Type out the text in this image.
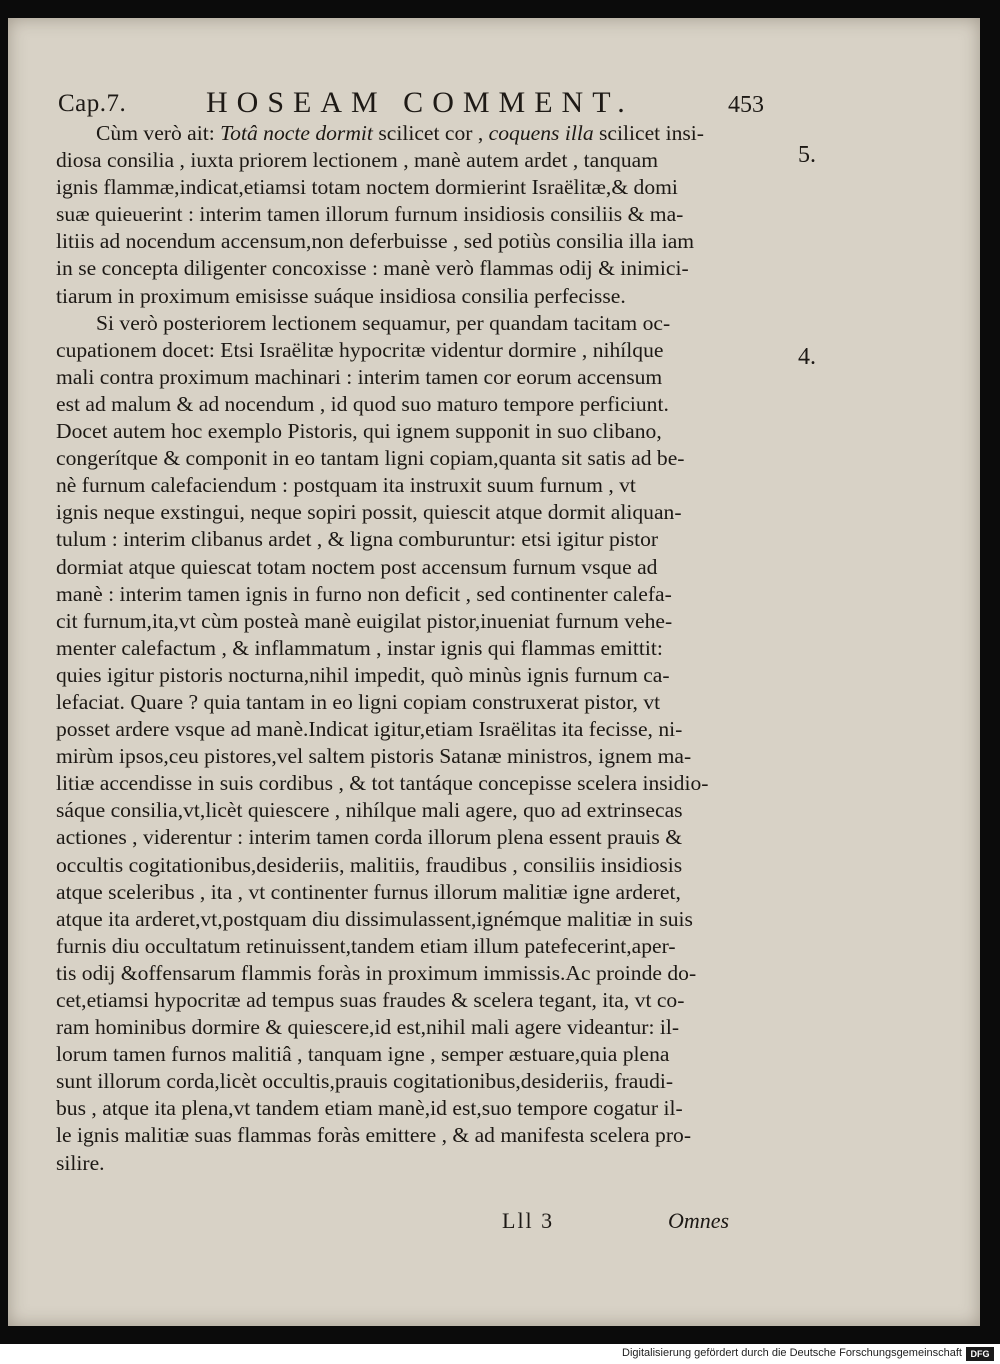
Cap.7.	HOSEAM COMMENT.	453
5.
4.
Cùm verò ait: Totâ nocte dormit scilicet cor , coquens illa scilicet insi-
diosa consilia , iuxta priorem lectionem , manè autem ardet , tanquam
ignis flammæ,indicat,etiamsi totam noctem dormierint Israëlitæ,& domi
suæ quieuerint : interim tamen illorum furnum insidiosis consiliis & ma-
litiis ad nocendum accensum,non deferbuisse , sed potiùs consilia illa iam
in se concepta diligenter concoxisse : manè verò flammas odij & inimici-
tiarum in proximum emisisse suáque insidiosa consilia perfecisse.
Si verò posteriorem lectionem sequamur, per quandam tacitam oc-
cupationem docet: Etsi Israëlitæ hypocritæ videntur dormire , nihílque
mali contra proximum machinari : interim tamen cor eorum accensum
est ad malum & ad nocendum , id quod suo maturo tempore perficiunt.
Docet autem hoc exemplo Pistoris, qui ignem supponit in suo clibano,
congerítque & componit in eo tantam ligni copiam,quanta sit satis ad be-
nè furnum calefaciendum : postquam ita instruxit suum furnum , vt
ignis neque exstingui, neque sopiri possit, quiescit atque dormit aliquan-
tulum : interim clibanus ardet , & ligna comburuntur: etsi igitur pistor
dormiat atque quiescat totam noctem post accensum furnum vsque ad
manè : interim tamen ignis in furno non deficit , sed continenter calefa-
cit furnum,ita,vt cùm posteà manè euigilat pistor,inueniat furnum vehe-
menter calefactum , & inflammatum , instar ignis qui flammas emittit:
quies igitur pistoris nocturna,nihil impedit, quò minùs ignis furnum ca-
lefaciat. Quare ? quia tantam in eo ligni copiam construxerat pistor, vt
posset ardere vsque ad manè.Indicat igitur,etiam Israëlitas ita fecisse, ni-
mirùm ipsos,ceu pistores,vel saltem pistoris Satanæ ministros, ignem ma-
litiæ accendisse in suis cordibus , & tot tantáque concepisse scelera insidio-
sáque consilia,vt,licèt quiescere , nihílque mali agere, quo ad extrinsecas
actiones , viderentur : interim tamen corda illorum plena essent prauis &
occultis cogitationibus,desideriis, malitiis, fraudibus , consiliis insidiosis
atque sceleribus , ita , vt continenter furnus illorum malitiæ igne arderet,
atque ita arderet,vt,postquam diu dissimulassent,ignémque malitiæ in suis
furnis diu occultatum retinuissent,tandem etiam illum patefecerint,aper-
tis odij &offensarum flammis foràs in proximum immissis.Ac proinde do-
cet,etiamsi hypocritæ ad tempus suas fraudes & scelera tegant, ita, vt co-
ram hominibus dormire & quiescere,id est,nihil mali agere videantur: il-
lorum tamen furnos malitiâ , tanquam igne , semper æstuare,quia plena
sunt illorum corda,licèt occultis,prauis cogitationibus,desideriis, fraudi-
bus , atque ita plena,vt tandem etiam manè,id est,suo tempore cogatur il-
le ignis malitiæ suas flammas foràs emittere , & ad manifesta scelera pro-
silire.
Lll 3	Omnes
Digitalisierung gefördert durch die Deutsche Forschungsgemeinschaft DFG
